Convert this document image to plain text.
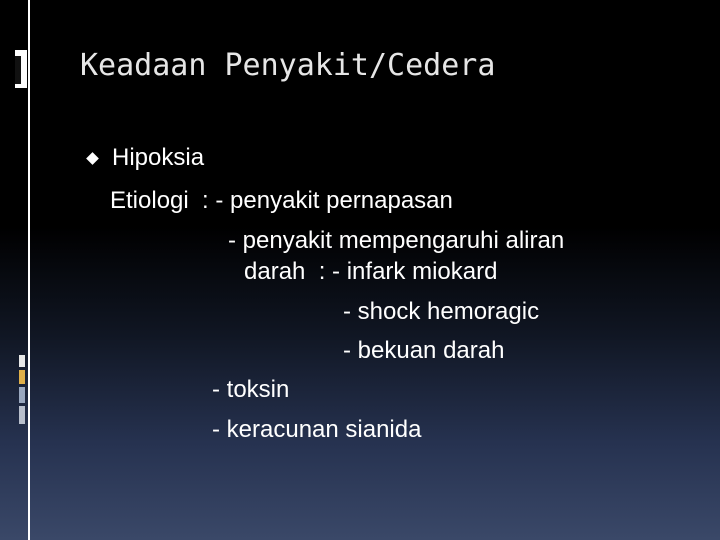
Keadaan Penyakit/Cedera
Hipoksia
Etiologi  : - penyakit pernapasan
- penyakit mempengaruhi aliran
darah  : - infark miokard
- shock hemoragic
- bekuan darah
- toksin
- keracunan sianida
